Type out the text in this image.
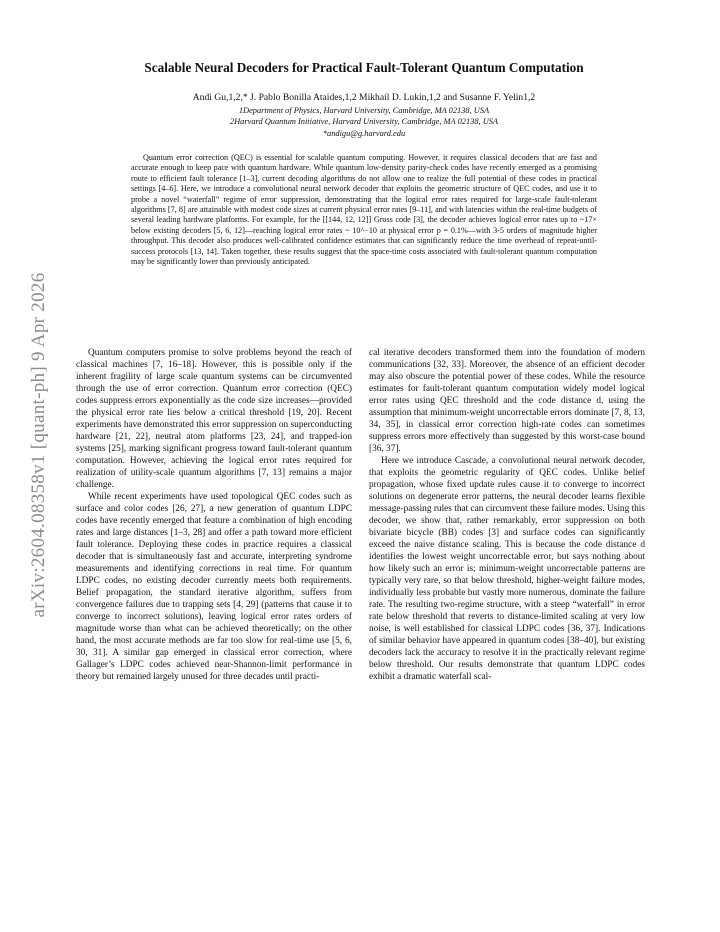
arXiv:2604.08358v1 [quant-ph] 9 Apr 2026
Scalable Neural Decoders for Practical Fault-Tolerant Quantum Computation
Andi Gu,1,2,* J. Pablo Bonilla Ataides,1,2 Mikhail D. Lukin,1,2 and Susanne F. Yelin1,2
1Department of Physics, Harvard University, Cambridge, MA 02138, USA
2Harvard Quantum Initiative, Harvard University, Cambridge, MA 02138, USA
*andigu@g.harvard.edu
Quantum error correction (QEC) is essential for scalable quantum computing. However, it requires classical decoders that are fast and accurate enough to keep pace with quantum hardware. While quantum low-density parity-check codes have recently emerged as a promising route to efficient fault tolerance [1–3], current decoding algorithms do not allow one to realize the full potential of these codes in practical settings [4–6]. Here, we introduce a convolutional neural network decoder that exploits the geometric structure of QEC codes, and use it to probe a novel “waterfall” regime of error suppression, demonstrating that the logical error rates required for large-scale fault-tolerant algorithms [7, 8] are attainable with modest code sizes at current physical error rates [9–11], and with latencies within the real-time budgets of several leading hardware platforms. For example, for the [[144, 12, 12]] Gross code [3], the decoder achieves logical error rates up to ~17× below existing decoders [5, 6, 12]—reaching logical error rates ~ 10^−10 at physical error p = 0.1%—with 3-5 orders of magnitude higher throughput. This decoder also produces well-calibrated confidence estimates that can significantly reduce the time overhead of repeat-until-success protocols [13, 14]. Taken together, these results suggest that the space-time costs associated with fault-tolerant quantum computation may be significantly lower than previously anticipated.

Quantum computers promise to solve problems beyond the reach of classical machines [7, 16–18]. However, this is possible only if the inherent fragility of large scale quantum systems can be circumvented through the use of error correction. Quantum error correction (QEC) codes suppress errors exponentially as the code size increases—provided the physical error rate lies below a critical threshold [19, 20]. Recent experiments have demonstrated this error suppression on superconducting hardware [21, 22], neutral atom platforms [23, 24], and trapped-ion systems [25], marking significant progress toward fault-tolerant quantum computation. However, achieving the logical error rates required for realization of utility-scale quantum algorithms [7, 13] remains a major challenge.

While recent experiments have used topological QEC codes such as surface and color codes [26, 27], a new generation of quantum LDPC codes have recently emerged that feature a combination of high encoding rates and large distances [1–3, 28] and offer a path toward more efficient fault tolerance. Deploying these codes in practice requires a classical decoder that is simultaneously fast and accurate, interpreting syndrome measurements and identifying corrections in real time. For quantum LDPC codes, no existing decoder currently meets both requirements. Belief propagation, the standard iterative algorithm, suffers from convergence failures due to trapping sets [4, 29] (patterns that cause it to converge to incorrect solutions), leaving logical error rates orders of magnitude worse than what can be achieved theoretically; on the other hand, the most accurate methods are far too slow for real-time use [5, 6, 30, 31]. A similar gap emerged in classical error correction, where Gallager’s LDPC codes achieved near-Shannon-limit performance in theory but remained largely unused for three decades until practi-

cal iterative decoders transformed them into the foundation of modern communications [32, 33]. Moreover, the absence of an efficient decoder may also obscure the potential power of these codes. While the resource estimates for fault-tolerant quantum computation widely model logical error rates using QEC threshold and the code distance d, using the assumption that minimum-weight uncorrectable errors dominate [7, 8, 13, 34, 35], in classical error correction high-rate codes can sometimes suppress errors more effectively than suggested by this worst-case bound [36, 37].

Here we introduce Cascade, a convolutional neural network decoder, that exploits the geometric regularity of QEC codes. Unlike belief propagation, whose fixed update rules cause it to converge to incorrect solutions on degenerate error patterns, the neural decoder learns flexible message-passing rules that can circumvent these failure modes. Using this decoder, we show that, rather remarkably, error suppression on both bivariate bicycle (BB) codes [3] and surface codes can significantly exceed the naive distance scaling. This is because the code distance d identifies the lowest weight uncorrectable error, but says nothing about how likely such an error is; minimum-weight uncorrectable patterns are typically very rare, so that below threshold, higher-weight failure modes, individually less probable but vastly more numerous, dominate the failure rate. The resulting two-regime structure, with a steep “waterfall” in error rate below threshold that reverts to distance-limited scaling at very low noise, is well established for classical LDPC codes [36, 37]. Indications of similar behavior have appeared in quantum codes [38–40], but existing decoders lack the accuracy to resolve it in the practically relevant regime below threshold. Our results demonstrate that quantum LDPC codes exhibit a dramatic waterfall scal-
